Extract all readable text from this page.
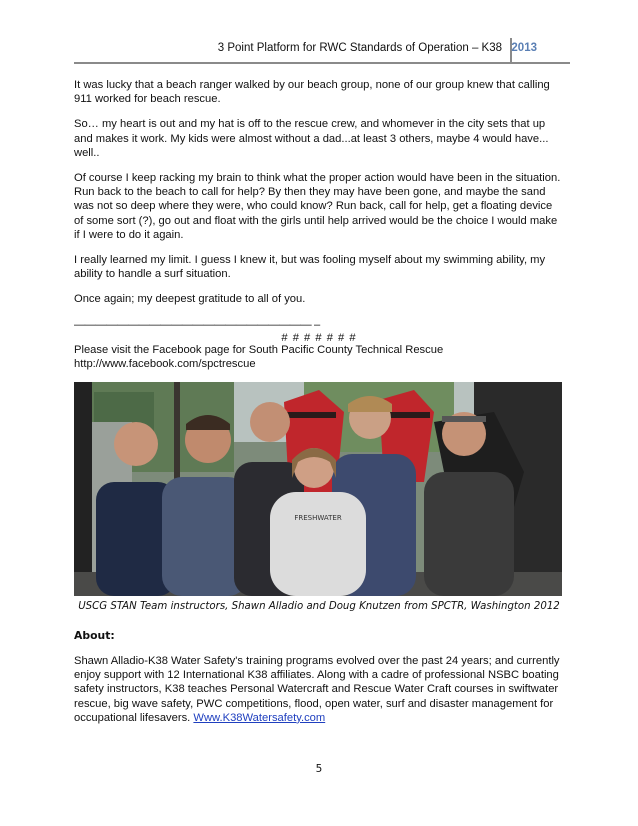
3 Point Platform for RWC Standards of Operation – K38 2013

It was lucky that a beach ranger walked by our beach group, none of our group knew that calling 911 worked for beach rescue.

So… my heart is out and my hat is off to the rescue crew, and whomever in the city sets that up and makes it work. My kids were almost without a dad...at least 3 others, maybe 4 would have... well..

Of course I keep racking my brain to think what the proper action would have been in the situation. Run back to the beach to call for help? By then they may have been gone, and maybe the sand was not so deep where they were, who could know? Run back, call for help, get a floating device of some sort (?), go out and float with the girls until help arrived would be the choice I would make if I were to do it again.

I really learned my limit. I guess I knew it, but was fooling myself about my swimming ability, my ability to handle a surf situation.

Once again; my deepest gratitude to all of you.

—————————————————————— –

Please visit the Facebook page for South Pacific County Technical Rescue

http://www.facebook.com/spctrescue

# # # # # # #
FRESHWATER
USCG STAN Team instructors, Shawn Alladio and Doug Knutzen from SPCTR, Washington 2012
About:
Shawn Alladio-K38 Water Safety's training programs evolved over the past 24 years; and currently enjoy support with 12 International K38 affiliates. Along with a cadre of professional NSBC boating safety instructors, K38 teaches Personal Watercraft and Rescue Water Craft courses in swiftwater rescue, big wave safety, PWC competitions, flood, open water, surf and disaster management for occupational lifesavers. Www.K38Watersafety.com
5
